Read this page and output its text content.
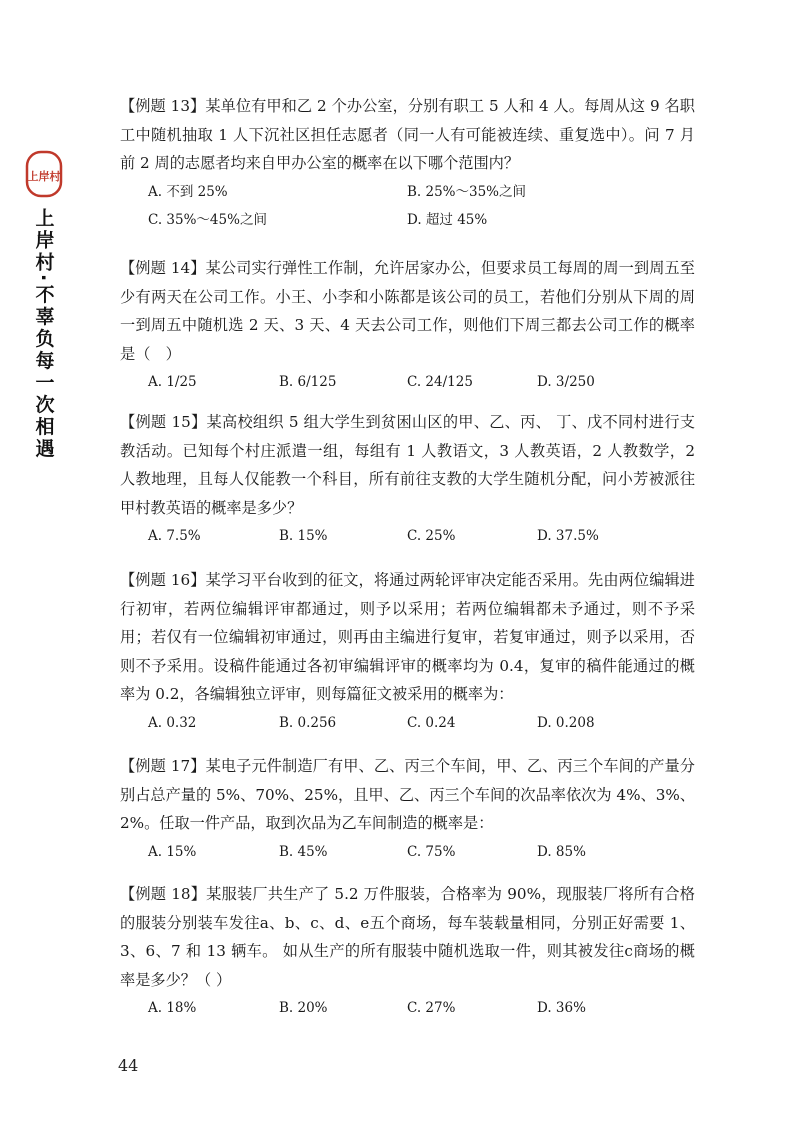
上岸村
上岸村·不辜负每一次相遇

【例题 13】某单位有甲和乙 2 个办公室，分别有职工 5 人和 4 人。每周从这 9 名职工中随机抽取 1 人下沉社区担任志愿者（同一人有可能被连续、重复选中）。问 7 月前 2 周的志愿者均来自甲办公室的概率在以下哪个范围内？

A. 不到 25%	B. 25%～35%之间
C. 35%～45%之间	D. 超过 45%

【例题 14】某公司实行弹性工作制，允许居家办公，但要求员工每周的周一到周五至少有两天在公司工作。小王、小李和小陈都是该公司的员工，若他们分别从下周的周一到周五中随机选 2 天、3 天、4 天去公司工作，则他们下周三都去公司工作的概率是（　）

A. 1/25	B. 6/125	C. 24/125	D. 3/250

【例题 15】某高校组织 5 组大学生到贫困山区的甲、乙、丙、 丁、戊不同村进行支教活动。已知每个村庄派遣一组，每组有 1 人教语文，3 人教英语，2 人教数学，2 人教地理，且每人仅能教一个科目，所有前往支教的大学生随机分配，问小芳被派往甲村教英语的概率是多少？

A. 7.5%	B. 15%	C. 25%	D. 37.5%

【例题 16】某学习平台收到的征文，将通过两轮评审决定能否采用。先由两位编辑进行初审，若两位编辑评审都通过，则予以采用；若两位编辑都未予通过，则不予采用；若仅有一位编辑初审通过，则再由主编进行复审，若复审通过，则予以采用，否则不予采用。设稿件能通过各初审编辑评审的概率均为 0.4，复审的稿件能通过的概率为 0.2，各编辑独立评审，则每篇征文被采用的概率为：

A. 0.32	B. 0.256	C. 0.24	D. 0.208

【例题 17】某电子元件制造厂有甲、乙、丙三个车间，甲、乙、丙三个车间的产量分别占总产量的 5%、70%、25%，且甲、乙、丙三个车间的次品率依次为 4%、3%、2%。任取一件产品，取到次品为乙车间制造的概率是：

A. 15%	B. 45%	C. 75%	D. 85%

【例题 18】某服装厂共生产了 5.2 万件服装，合格率为 90%，现服装厂将所有合格的服装分别装车发往a、b、c、d、e五个商场，每车装载量相同，分别正好需要 1、3、6、7 和 13 辆车。 如从生产的所有服装中随机选取一件，则其被发往c商场的概率是多少？（ ）

A. 18%	B. 20%	C. 27%	D. 36%
44
